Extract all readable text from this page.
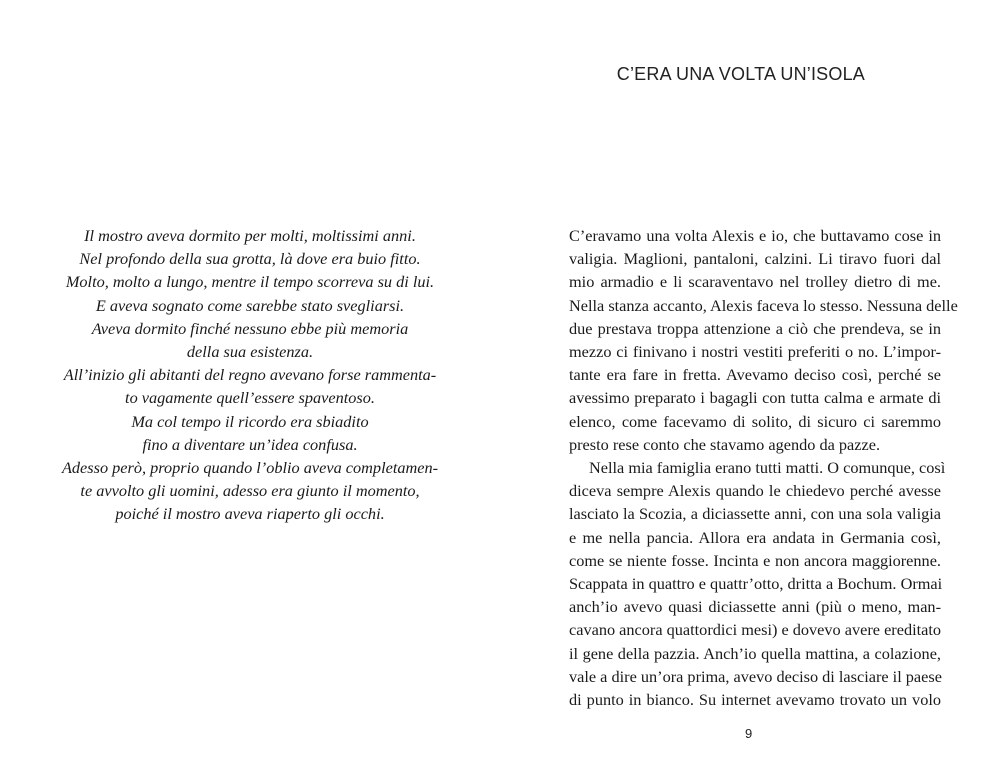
Il mostro aveva dormito per molti, moltissimi anni.
Nel profondo della sua grotta, là dove era buio fitto.
Molto, molto a lungo, mentre il tempo scorreva su di lui.
E aveva sognato come sarebbe stato svegliarsi.
Aveva dormito finché nessuno ebbe più memoria
della sua esistenza.
All’inizio gli abitanti del regno avevano forse rammenta-
to vagamente quell’essere spaventoso.
Ma col tempo il ricordo era sbiadito
fino a diventare un’idea confusa.
Adesso però, proprio quando l’oblio aveva completamen-
te avvolto gli uomini, adesso era giunto il momento,
poiché il mostro aveva riaperto gli occhi.
C’ERA UNA VOLTA UN’ISOLA
C’eravamo una volta Alexis e io, che buttavamo cose in
valigia. Maglioni, pantaloni, calzini. Li tiravo fuori dal
mio armadio e li scaraventavo nel trolley dietro di me.
Nella stanza accanto, Alexis faceva lo stesso. Nessuna delle
due prestava troppa attenzione a ciò che prendeva, se in
mezzo ci finivano i nostri vestiti preferiti o no. L’impor-
tante era fare in fretta. Avevamo deciso così, perché se
avessimo preparato i bagagli con tutta calma e armate di
elenco, come facevamo di solito, di sicuro ci saremmo
presto rese conto che stavamo agendo da pazze.
Nella mia famiglia erano tutti matti. O comunque, così
diceva sempre Alexis quando le chiedevo perché avesse
lasciato la Scozia, a diciassette anni, con una sola valigia
e me nella pancia. Allora era andata in Germania così,
come se niente fosse. Incinta e non ancora maggiorenne.
Scappata in quattro e quattr’otto, dritta a Bochum. Ormai
anch’io avevo quasi diciassette anni (più o meno, man-
cavano ancora quattordici mesi) e dovevo avere ereditato
il gene della pazzia. Anch’io quella mattina, a colazione,
vale a dire un’ora prima, avevo deciso di lasciare il paese
di punto in bianco. Su internet avevamo trovato un volo
9
